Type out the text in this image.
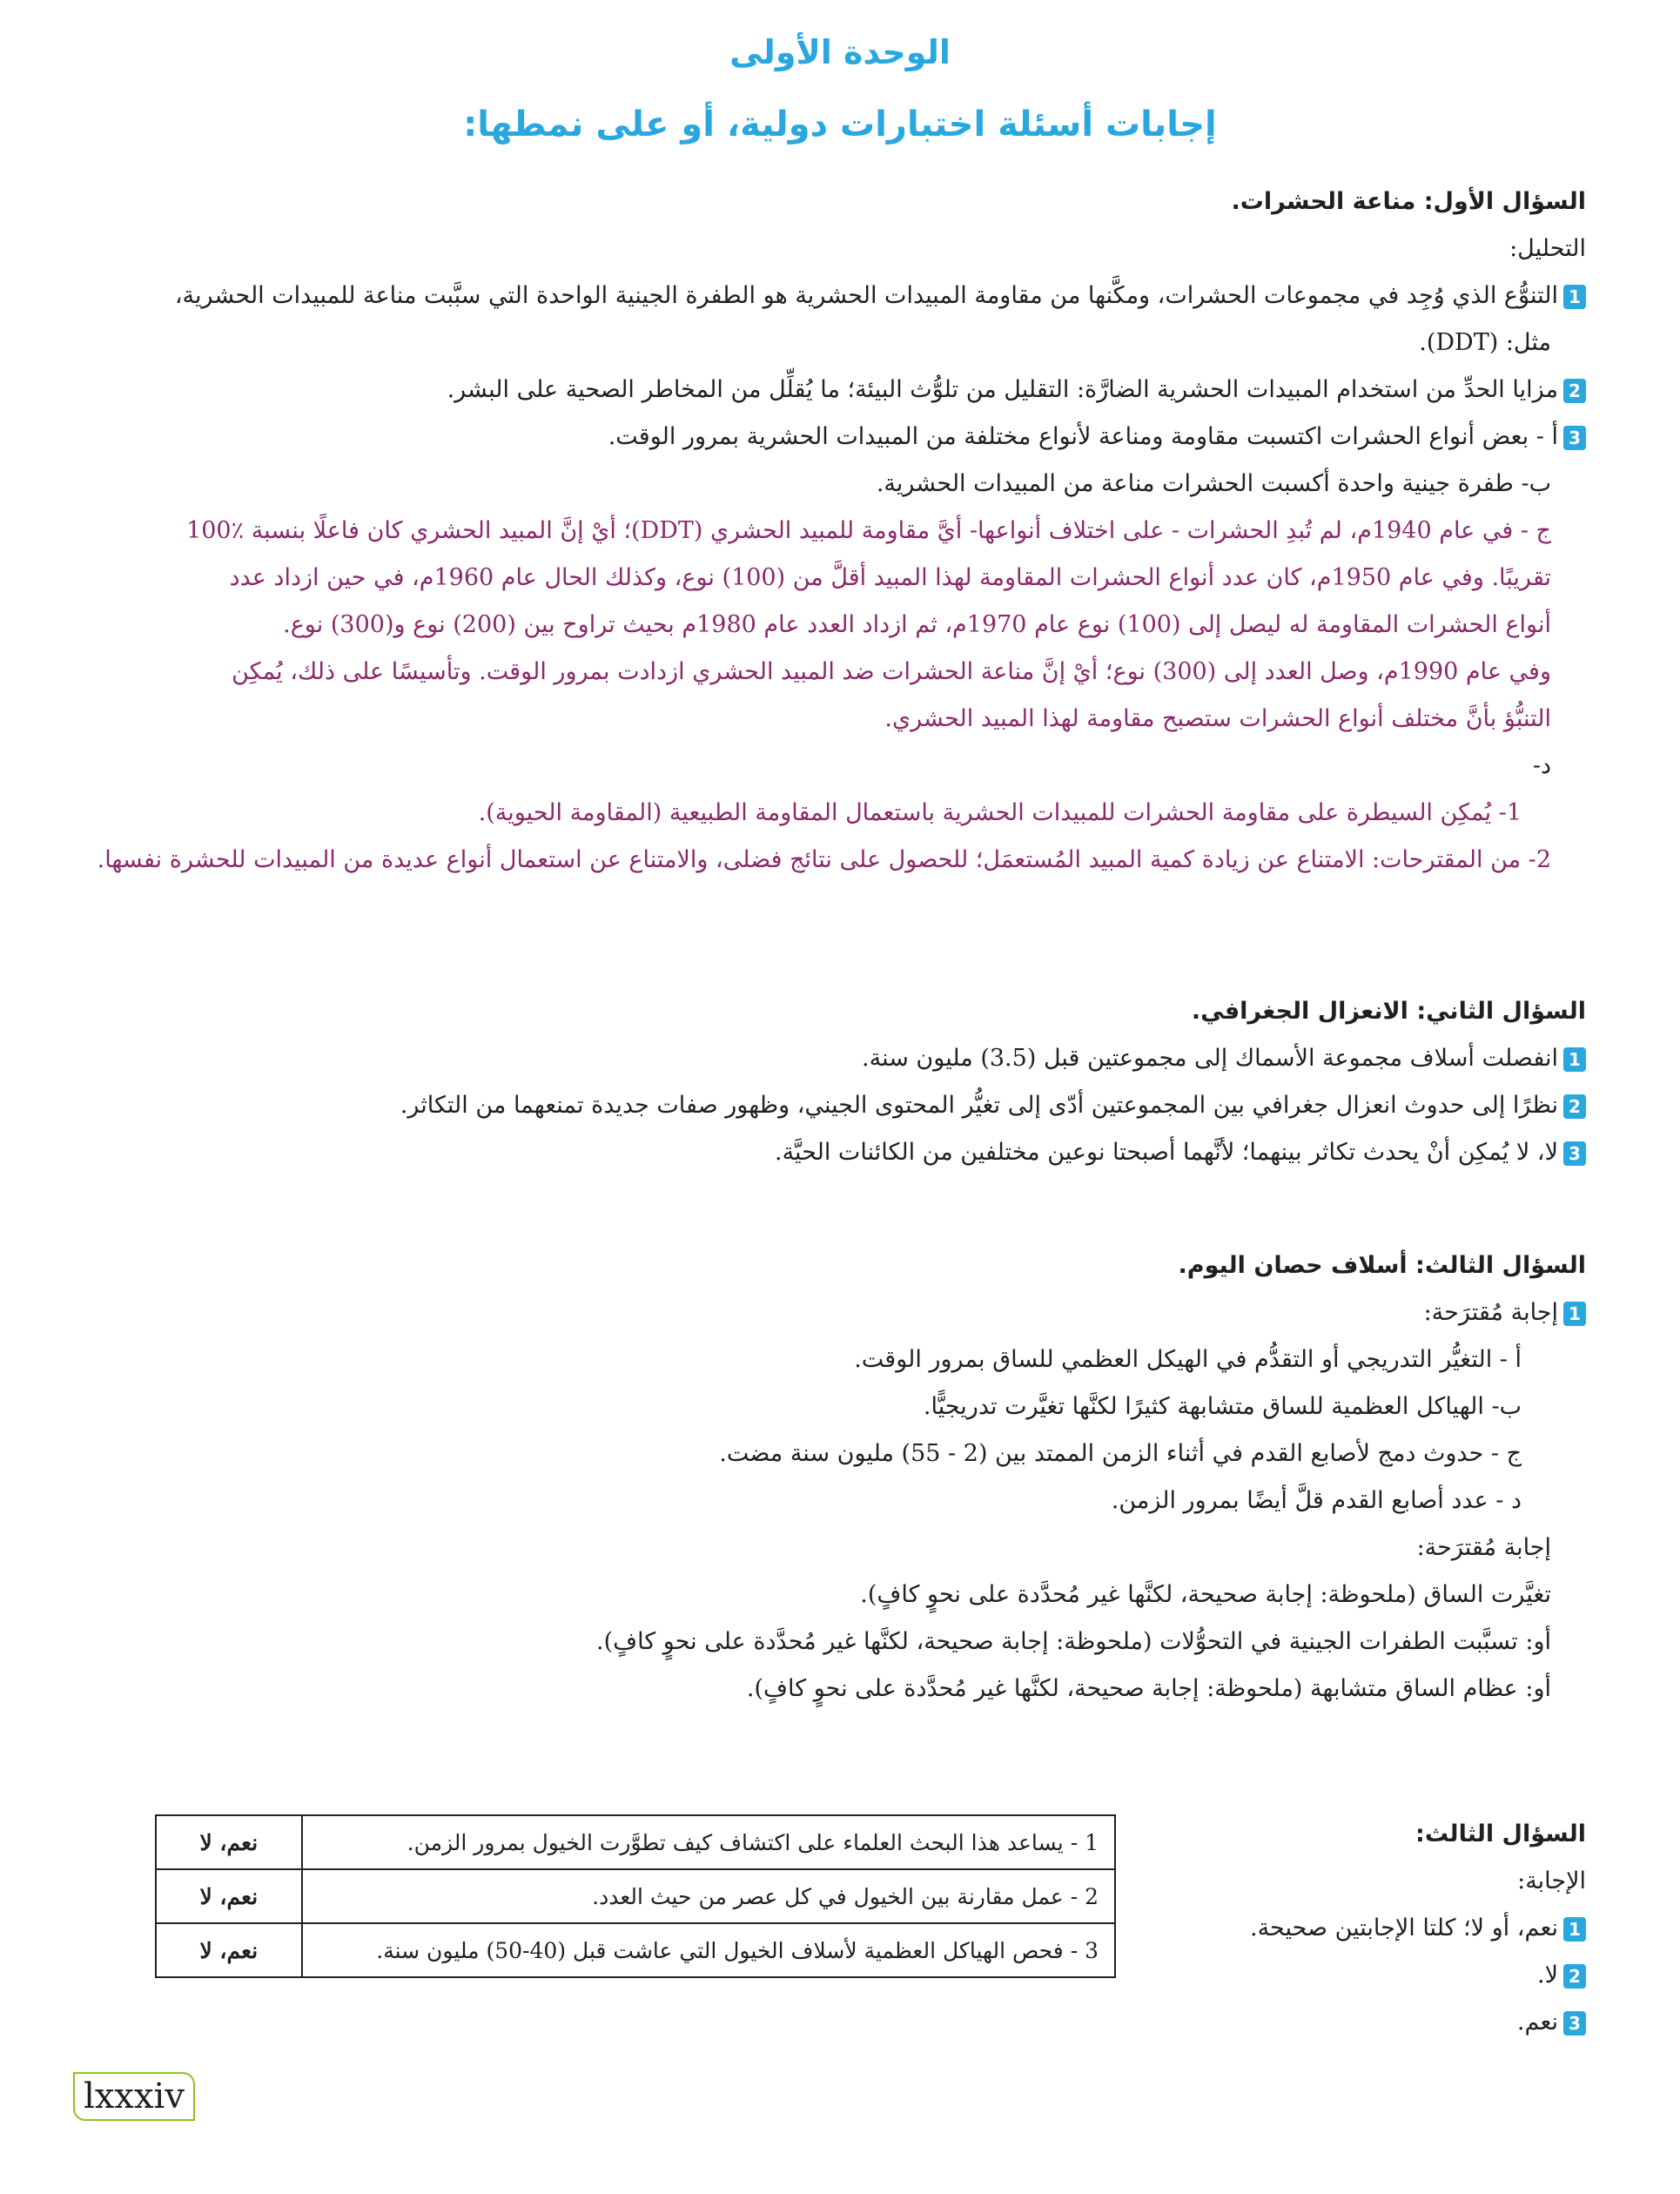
الوحدة الأولى
إجابات أسئلة اختبارات دولية، أو على نمطها:
السؤال الأول: مناعة الحشرات.
التحليل:
1التنوُّع الذي وُجِد في مجموعات الحشرات، ومكَّنها من مقاومة المبيدات الحشرية هو الطفرة الجينية الواحدة التي سبَّبت مناعة للمبيدات الحشرية،
مثل: (DDT).
2مزايا الحدِّ من استخدام المبيدات الحشرية الضارَّة: التقليل من تلوُّث البيئة؛ ما يُقلِّل من المخاطر الصحية على البشر.
3أ - بعض أنواع الحشرات اكتسبت مقاومة ومناعة لأنواع مختلفة من المبيدات الحشرية بمرور الوقت.
ب- طفرة جينية واحدة أكسبت الحشرات مناعة من المبيدات الحشرية.
ج - في عام 1940م، لم تُبدِ الحشرات - على اختلاف أنواعها- أيَّ مقاومة للمبيد الحشري (DDT)؛ أيْ إنَّ المبيد الحشري كان فاعلًا بنسبة ٪100
تقريبًا. وفي عام 1950م، كان عدد أنواع الحشرات المقاومة لهذا المبيد أقلَّ من (100) نوع، وكذلك الحال عام 1960م، في حين ازداد عدد
أنواع الحشرات المقاومة له ليصل إلى (100) نوع عام 1970م، ثم ازداد العدد عام 1980م بحيث تراوح بين (200) نوع و(300) نوع.
وفي عام 1990م، وصل العدد إلى (300) نوع؛ أيْ إنَّ مناعة الحشرات ضد المبيد الحشري ازدادت بمرور الوقت. وتأسيسًا على ذلك، يُمكِن
التنبُّؤ بأنَّ مختلف أنواع الحشرات ستصبح مقاومة لهذا المبيد الحشري.
د-
1- يُمكِن السيطرة على مقاومة الحشرات للمبيدات الحشرية باستعمال المقاومة الطبيعية (المقاومة الحيوية).
2- من المقترحات: الامتناع عن زيادة كمية المبيد المُستعمَل؛ للحصول على نتائج فضلى، والامتناع عن استعمال أنواع عديدة من المبيدات للحشرة نفسها.
السؤال الثاني: الانعزال الجغرافي.
1انفصلت أسلاف مجموعة الأسماك إلى مجموعتين قبل (3.5) مليون سنة.
2نظرًا إلى حدوث انعزال جغرافي بين المجموعتين أدّى إلى تغيُّر المحتوى الجيني، وظهور صفات جديدة تمنعهما من التكاثر.
3لا، لا يُمكِن أنْ يحدث تكاثر بينهما؛ لأنَّهما أصبحتا نوعين مختلفين من الكائنات الحيَّة.
السؤال الثالث: أسلاف حصان اليوم.
1إجابة مُقترَحة:
أ - التغيُّر التدريجي أو التقدُّم في الهيكل العظمي للساق بمرور الوقت.
ب- الهياكل العظمية للساق متشابهة كثيرًا لكنَّها تغيَّرت تدريجيًّا.
ج - حدوث دمج لأصابع القدم في أثناء الزمن الممتد بين (2 - 55) مليون سنة مضت.
د - عدد أصابع القدم قلَّ أيضًا بمرور الزمن.
إجابة مُقترَحة:
تغيَّرت الساق (ملحوظة: إجابة صحيحة، لكنَّها غير مُحدَّدة على نحوٍ كافٍ).
أو: تسبَّبت الطفرات الجينية في التحوُّلات (ملحوظة: إجابة صحيحة، لكنَّها غير مُحدَّدة على نحوٍ كافٍ).
أو: عظام الساق متشابهة (ملحوظة: إجابة صحيحة، لكنَّها غير مُحدَّدة على نحوٍ كافٍ).
1 - يساعد هذا البحث العلماء على اكتشاف كيف تطوَّرت الخيول بمرور الزمن.	نعم، لا
2 - عمل مقارنة بين الخيول في كل عصر من حيث العدد.	نعم، لا
3 - فحص الهياكل العظمية لأسلاف الخيول التي عاشت قبل (40-50) مليون سنة.	نعم، لا
السؤال الثالث:
الإجابة:
1نعم، أو لا؛ كلتا الإجابتين صحيحة.
2لا.
3نعم.
lxxxiv
